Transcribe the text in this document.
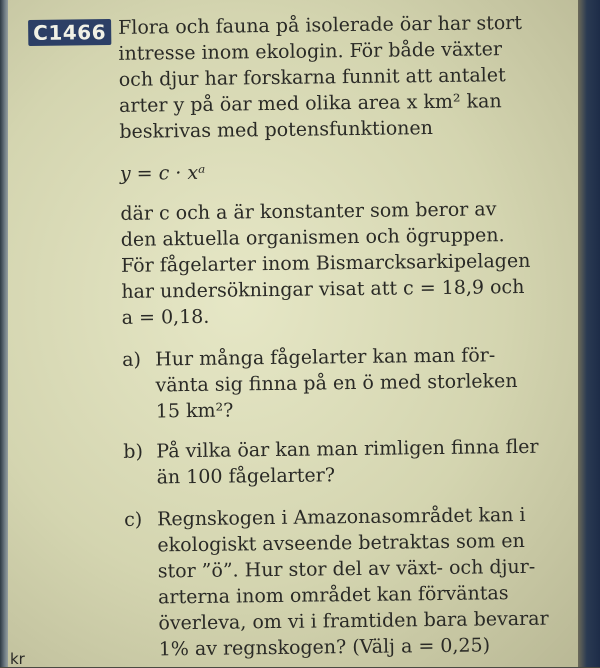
C1466 Flora och fauna på isolerade öar har stort
intresse inom ekologin. För både växter
och djur har forskarna funnit att antalet
arter y på öar med olika area x km² kan
beskrivas med potensfunktionen
y = c · xᵃ
där c och a är konstanter som beror av
den aktuella organismen och ögruppen.
För fågelarter inom Bismarcksarkipelagen
har undersökningar visat att c = 18,9 och
a = 0,18.
a) Hur många fågelarter kan man för-
vänta sig finna på en ö med storleken
15 km²?
b) På vilka öar kan man rimligen finna fler
än 100 fågelarter?
c) Regnskogen i Amazonasområdet kan i
ekologiskt avseende betraktas som en
stor ”ö”. Hur stor del av växt- och djur-
arterna inom området kan förväntas
överleva, om vi i framtiden bara bevarar
1% av regnskogen? (Välj a = 0,25)
kr
